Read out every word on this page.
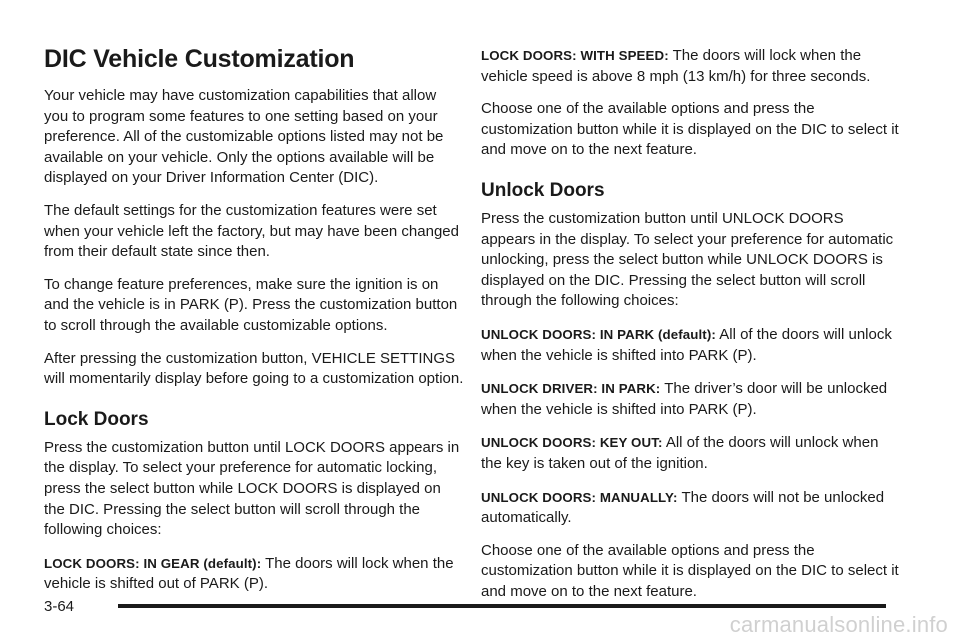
DIC Vehicle Customization

Your vehicle may have customization capabilities that allow you to program some features to one setting based on your preference. All of the customizable options listed may not be available on your vehicle. Only the options available will be displayed on your Driver Information Center (DIC).

The default settings for the customization features were set when your vehicle left the factory, but may have been changed from their default state since then.

To change feature preferences, make sure the ignition is on and the vehicle is in PARK (P). Press the customization button to scroll through the available customizable options.

After pressing the customization button, VEHICLE SETTINGS will momentarily display before going to a customization option.

Lock Doors

Press the customization button until LOCK DOORS appears in the display. To select your preference for automatic locking, press the select button while LOCK DOORS is displayed on the DIC. Pressing the select button will scroll through the following choices:

LOCK DOORS: IN GEAR (default): The doors will lock when the vehicle is shifted out of PARK (P).

LOCK DOORS: WITH SPEED: The doors will lock when the vehicle speed is above 8 mph (13 km/h) for three seconds.

Choose one of the available options and press the customization button while it is displayed on the DIC to select it and move on to the next feature.

Unlock Doors

Press the customization button until UNLOCK DOORS appears in the display. To select your preference for automatic unlocking, press the select button while UNLOCK DOORS is displayed on the DIC. Pressing the select button will scroll through the following choices:

UNLOCK DOORS: IN PARK (default): All of the doors will unlock when the vehicle is shifted into PARK (P).

UNLOCK DRIVER: IN PARK: The driver’s door will be unlocked when the vehicle is shifted into PARK (P).

UNLOCK DOORS: KEY OUT: All of the doors will unlock when the key is taken out of the ignition.

UNLOCK DOORS: MANUALLY: The doors will not be unlocked automatically.

Choose one of the available options and press the customization button while it is displayed on the DIC to select it and move on to the next feature.

3-64
carmanualsonline.info
